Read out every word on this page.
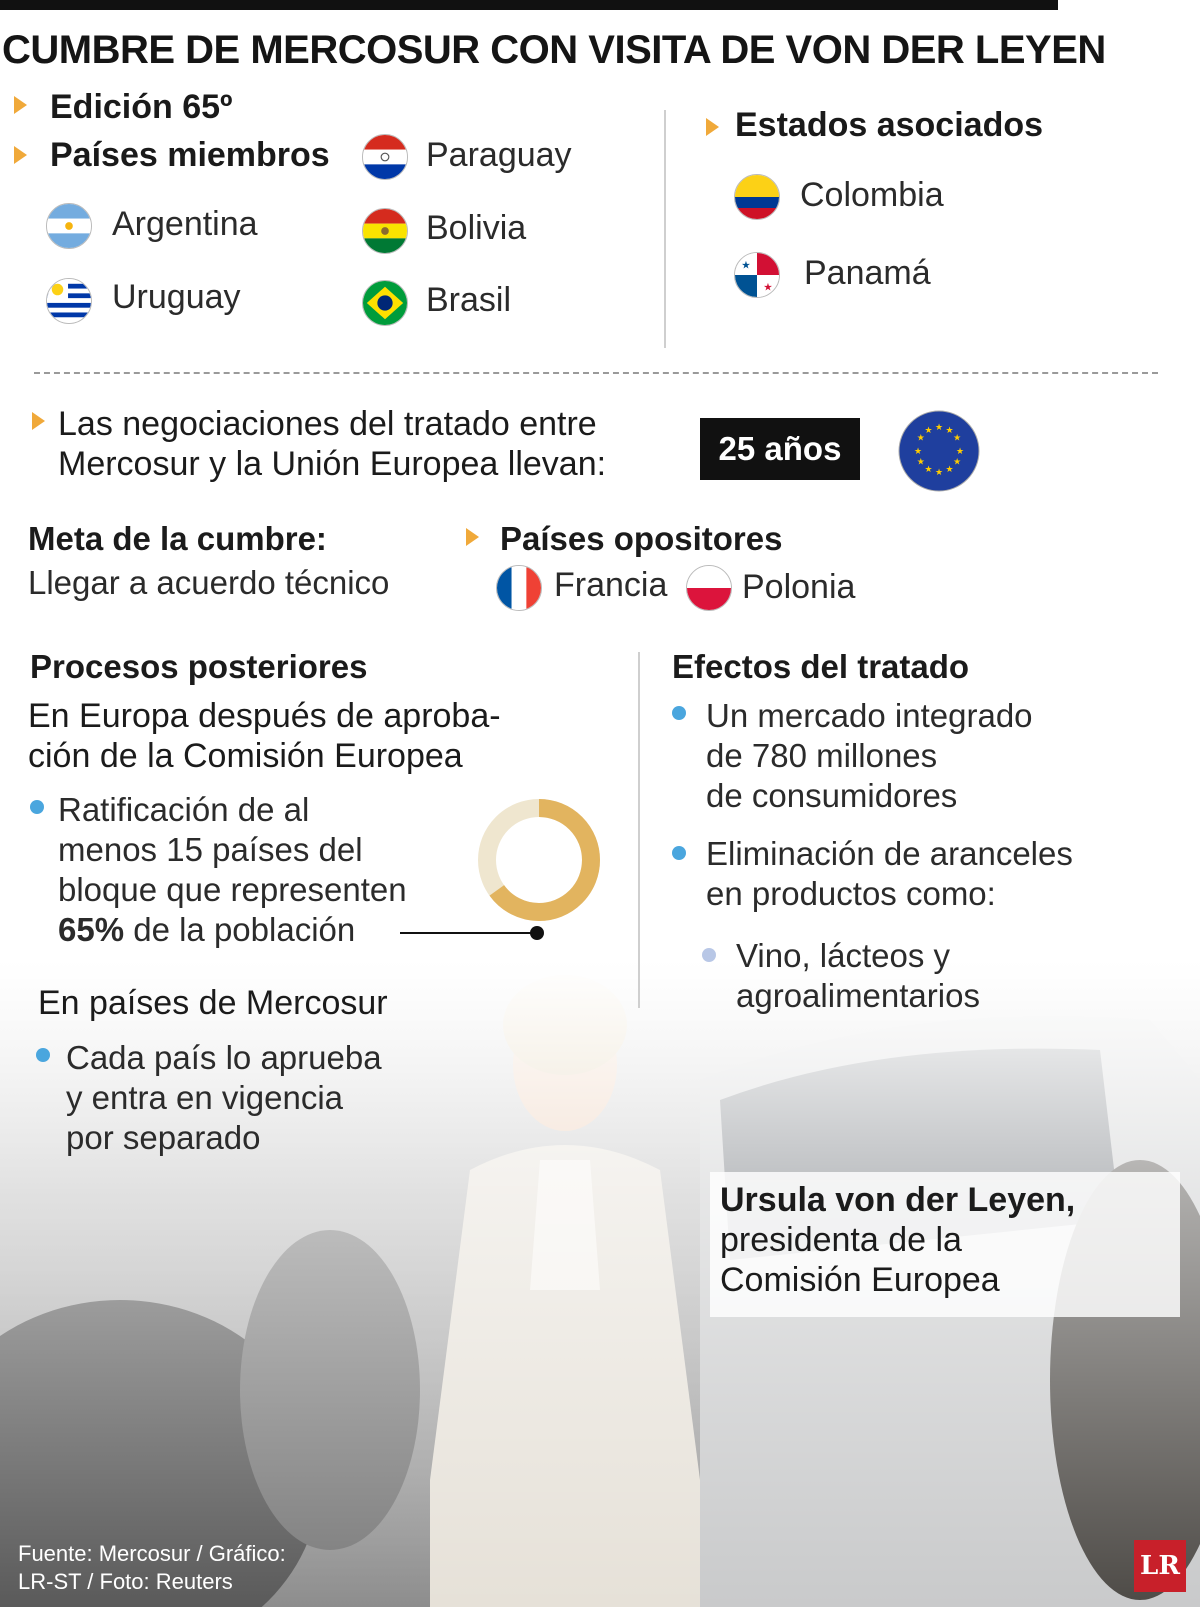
CUMBRE DE MERCOSUR CON VISITA DE VON DER LEYEN
Edición 65º
Países miembros	Paraguay
Argentina	Bolivia
Uruguay	Brasil
Estados asociados
Colombia
★
★ Panamá
Las negociaciones del tratado entre
Mercosur y la Unión Europea llevan:	25 años
★ ★
★
★
★
★
★
★
★
★
★
★
Meta de la cumbre:
Llegar a acuerdo técnico
Países opositores
Francia Polonia
Procesos posteriores
En Europa después de aproba-
ción de la Comisión Europea
Ratificación de al
menos 15 países del
bloque que representen
65% de la población
En países de Mercosur
Cada país lo aprueba
y entra en vigencia
por separado
Efectos del tratado
Un mercado integrado
de 780 millones
de consumidores
Eliminación de aranceles
en productos como:
Vino, lácteos y
agroalimentarios
Ursula von der Leyen,
presidenta de la
Comisión Europea
Fuente: Mercosur / Gráfico:
LR-ST / Foto: Reuters
LR
